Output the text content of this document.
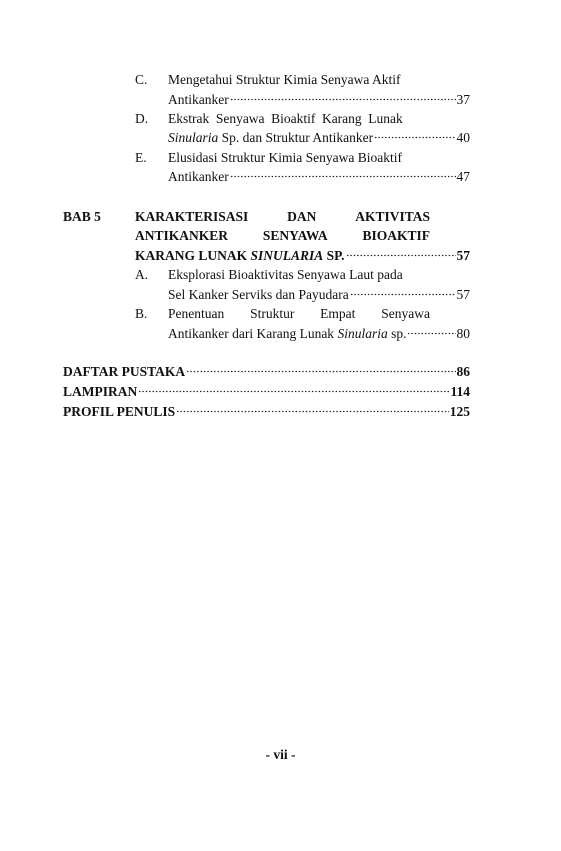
C. Mengetahui Struktur Kimia Senyawa Aktif
Antikanker	37
D. Ekstrak Senyawa Bioaktif Karang Lunak
Sinularia Sp. dan Struktur Antikanker	40
E. Elusidasi Struktur Kimia Senyawa Bioaktif
Antikanker	47
BAB 5	KARAKTERISASI	DAN	AKTIVITAS
ANTIKANKER	SENYAWA	BIOAKTIF
KARANG LUNAK SINULARIA SP.	57
A. Eksplorasi Bioaktivitas Senyawa Laut pada
Sel Kanker Serviks dan Payudara	57
B. Penentuan Struktur Empat Senyawa
Antikanker dari Karang Lunak Sinularia sp.	80
DAFTAR PUSTAKA	86
LAMPIRAN	114
PROFIL PENULIS	125
- vii -
